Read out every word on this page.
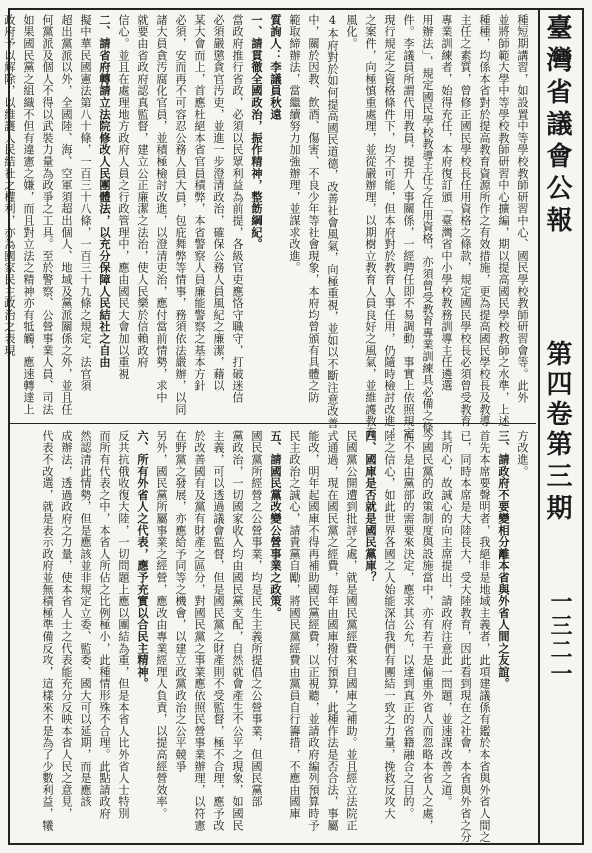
臺灣省議會公報
第四卷
第三期
一三二一
種短期講習，如設置中等學校教師研習中心、國民學校教師研習會等。此外
並將師範大學中等學校教師研習中心擴編，期以提高國民學校教師之水準，上述
種種，均係本省對於提高教育資源所作之有效措施，更為提高國民學校長及教導
主任之素質，曾修正國民學校長任用資格之條款，規定國民學校長必須曾受教育
專業訓練者，始得充任，本府復訂頒「臺灣省中小學校教務訓導主任遴選
用辦法」，規定國民學校教導主任之任用資格，亦須曾受教育專業訓練具必備之條
件。李議員所謂代用教員，提升人事關係，一經聘任即不易調動，事實上依照規定
現行規定之資格條件下，均不可能，但本府對於教育人事任用，仍隨時檢討改進，
之案件，向極慎重處理，並從嚴辦理，以期樹立教育人員良好之風氣，並維護教育
風化。
4本府對於如何提高國民道德，改善社會風氣，向極重視，並如以不斷注意改善
中，關於因教、飲酒、傷害、不良少年等社會現象，本府均曾頒有具體之防
範取締辦法，當繼續努力加強辦理，並謀求改進。
質詢人：李議員秋遠
一、請貫徹全國政治，振作精神，整飭綱紀。
當政府推行省政，必須以民眾利益為前提，各級官吏應恪守職守，打破迷信
必須嚴懲貪官汚吏，並進一步澄清政治，確保公務人員風紀之廉潔，藉以
某大會而上，首應杜絕本省官員積弊，本省警察人員廉能警察之基本方針
必須，安而再不可容忍公務人員大員，包庇舞弊等情事，務須依法嚴辦，以同
諸大員貪汚腐化官員，並積極檢討改進，以澄清吏治，應付當前情勢，求中
就要由省政府認真監督，建立公正廉潔之法治，使人民樂於信賴政府
信心。並且在處理地方政府人員之行政管理中，應由國民大會加以重視
二、請省府轉請立法院修改人民團體法，以充分保障人民結社之自由
擬中華民國憲法第八十條，一百三十八條，一百三十九條之規定，法官須
超出黨派以外，全國陸、海、空軍須超出個人、地域及黨派關係之外，並且任
何黨派及個人不得以武裝力量為政爭之工具。至於警察、公營事業人員、司法
如果國民黨之組織不但有違憲之嫌，而且對立法之精神亦有牴觸，應速轉達上
政府予以解除，以維護人民結社之權利，亦為國家民主政治之表現
方改進。
三、請政府不要變相分離本省與外省人間之友誼。
首先本席要聲明者，我絕非是地域主義者，此項建議係有鑑於本省與外省人間之
已，同時本席是大陸長大，受大陸教育，因此看到現在之社會，本省與外省之分
其所心，故誠心的向主席提出，請政府注意此一問題，並速謀改善之道。
今國民黨的政策制度與設施當中，亦有若干是偏重外省人而忽略本省人之處，
而不是由黨部的需要來決定，應求其公允，以達到真正的省籍融合之目的。
陸之信心，如此世界各國之人始能深信我們有團結一致之力量，挽救反攻大
四、國庫是否就是國民黨庫？
民國黨公開遭到批評之處，就是國民黨經費來自國庫之補助。並且經立法院正
式通過，現在國民黨之經費，每年由國庫撥付預算，此種作法是否合法，事屬
能改，明年起國庫不得再補助國民黨經費，以正視聽，並請政府編列預算時予
民主政治之誠心，請貴黨自勵，將國民黨經費由黨員自行籌措，不應由國庫
五、請國民黨改變公營事業之政策。
國民黨所經營之公營事業，均是民生主義所提倡之公營事業，但國民黨部
黨政治，一切國家收入均由國民黨支配，自然就會產生不公平之現象，如國民
主義，可以透過議會監督，但是國民黨之財產則不受監督，極不合理，應予改
於改善國有及黨有財產之區分，對國民黨之事業應依照民營事業辦理，以符憲
在野黨之發展，亦應給予同等之機會，以建立政黨政治之公平競爭
另外，國民黨所屬事業之經營，應改由專業經理人負責，以提高經營效率。
六、所有外省人之代表，應予充實以合民主精神。
反共抗俄收復大陸，一切問題上應以團結為重，但是本省人比外省人士特別
而所有代表之中，本省人所佔之比例極小，此種情形殊不合理。此點請政府
然認清此情勢，但是應該並非規定立委、監委、國大可以延期，而是應該
成辦法，透過政府之力量，使本省人士之代表能充分反映本省人民之意見，
代表不改選，就是表示政府並無積極準備反攻，這樣來不是為了少數利益，犧
